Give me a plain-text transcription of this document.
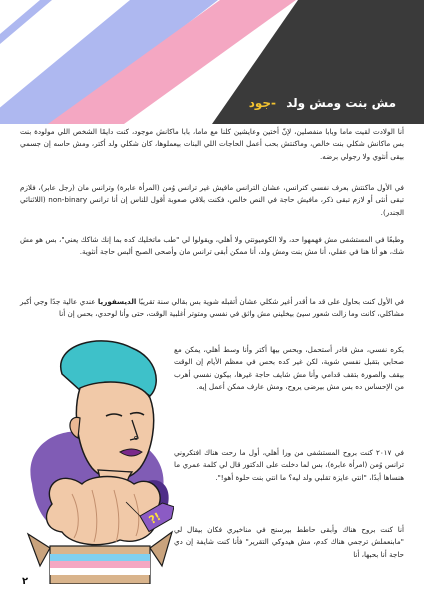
مش بنت ومش ولد -جود

أنا الولادت لقيت ماما وبابا منفصلين، لإنّ أختين وعايشين كلنا مع ماما، بابا ماكانش موجود، كنت دايمًا الشخص اللي مولودة بنت بس ماكانش شكلي بنت خالص، وماكنتش بحب أعمل الحاجات اللي البنات بيعملوها، كان شكلي ولد أكتر، ومش حاسه إن جسمي بيقى أنثوي ولا رجولي برضه.

في الأول ماكنتش بعرف نفسي كترانس، عشان الترانس مافيش غير ترانس وُمن (المرأة عابرة) وترانس مان (رجل عابر)، فلازم تبقى أنثى أو لازم تبقى ذكر، مافيش حاجة في النص خالص، فكنت بلاقي صعوبة أقول للناس إن أنا ترانس non-binary (اللاثنائي الجندر).

وطبعًا في المستشفى مش فهمهوا حد، ولا الكوميونتي ولا أهلي، ويقولوا لي "طب ماتخليك كده بما إنك شاكك يعني"، بس هو مش شك، هو أنا هنا في عقلي، أنا مش بنت ومش ولد، أنا ممكن أبقى ترانس مان وأصحى الصبح ألبس حاجة أنثوية.

في الأول كنت بحاول على قد ما أقدر أغير شكلي عشان أتقبله شوية بس بقالي سنة تقريبًا الديسفوريا عندي عالية جدًا وجي أكبر مشاكلي، كانت وما زالت شعور سيئ بيخليني مش واثق في نفسي ومتوتر أغلبية الوقت، حتى وأنا لوحدي، بحس إن أنا

بكره نفسي، مش قادر أستحمل، وبحس بيها أكتر وأنا وسط أهلي، يمكن مع صحابي بتقبل نفسي شوية، لكن غير كده بحس في معظم الأيام إن الوقت بيقف والصورة بتقف قدامي وأنا مش شايف حاجة غيرها، بيكون نفسي أهرب من الإحساس ده بس مش بيرضى يروح، ومش عارف ممكن أعمل إيه.

في ٢٠١٧ كنت بروح المستشفى من ورا أهلي، أول ما رحت هناك افتكروني ترانس وُمن (امرأة عابرة)، بس لما دخلت على الدكتور قال لي كلمة عمري ما هنساها أبدًا، "انتي عايزة تقلبي ولد ليه؟ ما انتي بنت حلوة أهو!".

أنا كنت بروح هناك وأبقى حاطط بيرسنج في مناخيري فكان بيقال لي "مابنعملش ترجمي هناك كدم، مش هيدوكي التقرير" فأنا كنت شايفة إن دي حاجة أنا بحبها، أنا

?!
٢
